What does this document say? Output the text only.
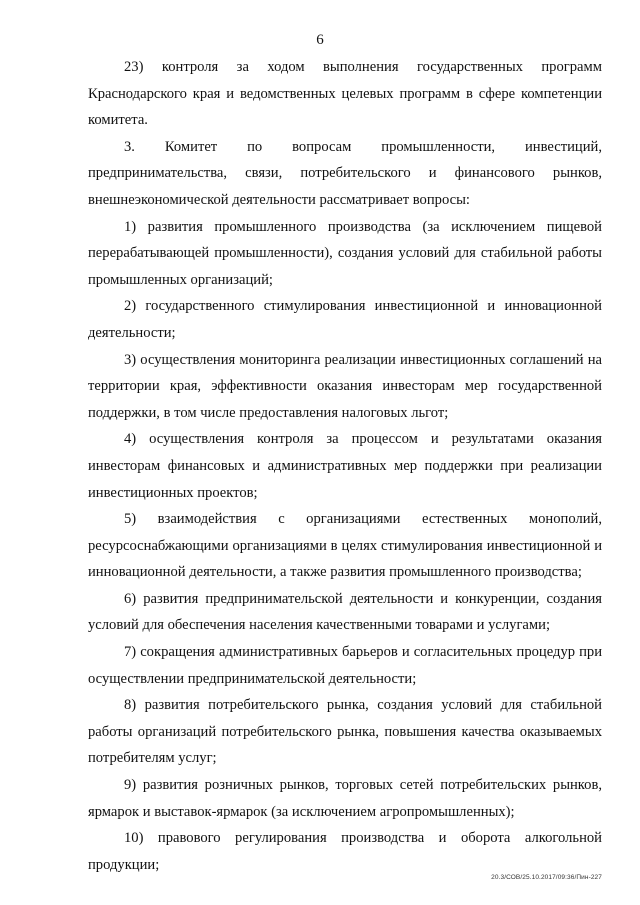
6

23) контроля за ходом выполнения государственных программ Краснодарского края и ведомственных целевых программ в сфере компетенции комитета.

3. Комитет по вопросам промышленности, инвестиций, предпринимательства, связи, потребительского и финансового рынков, внешнеэкономической деятельности рассматривает вопросы:

1) развития промышленного производства (за исключением пищевой перерабатывающей промышленности), создания условий для стабильной работы промышленных организаций;

2) государственного стимулирования инвестиционной и инновационной деятельности;

3) осуществления мониторинга реализации инвестиционных соглашений на территории края, эффективности оказания инвесторам мер государственной поддержки, в том числе предоставления налоговых льгот;

4) осуществления контроля за процессом и результатами оказания инвесторам финансовых и административных мер поддержки при реализации инвестиционных проектов;

5) взаимодействия с организациями естественных монополий, ресурсоснабжающими организациями в целях стимулирования инвестиционной и инновационной деятельности, а также развития промышленного производства;

6) развития предпринимательской деятельности и конкуренции, создания условий для обеспечения населения качественными товарами и услугами;

7) сокращения административных барьеров и согласительных процедур при осуществлении предпринимательской деятельности;

8) развития потребительского рынка, создания условий для стабильной работы организаций потребительского рынка, повышения качества оказываемых потребителям услуг;

9) развития розничных рынков, торговых сетей потребительских рынков, ярмарок и выставок-ярмарок (за исключением агропромышленных);

10) правового регулирования производства и оборота алкогольной продукции;

20.3/СОВ/25.10.2017/09:36/Пин-227
